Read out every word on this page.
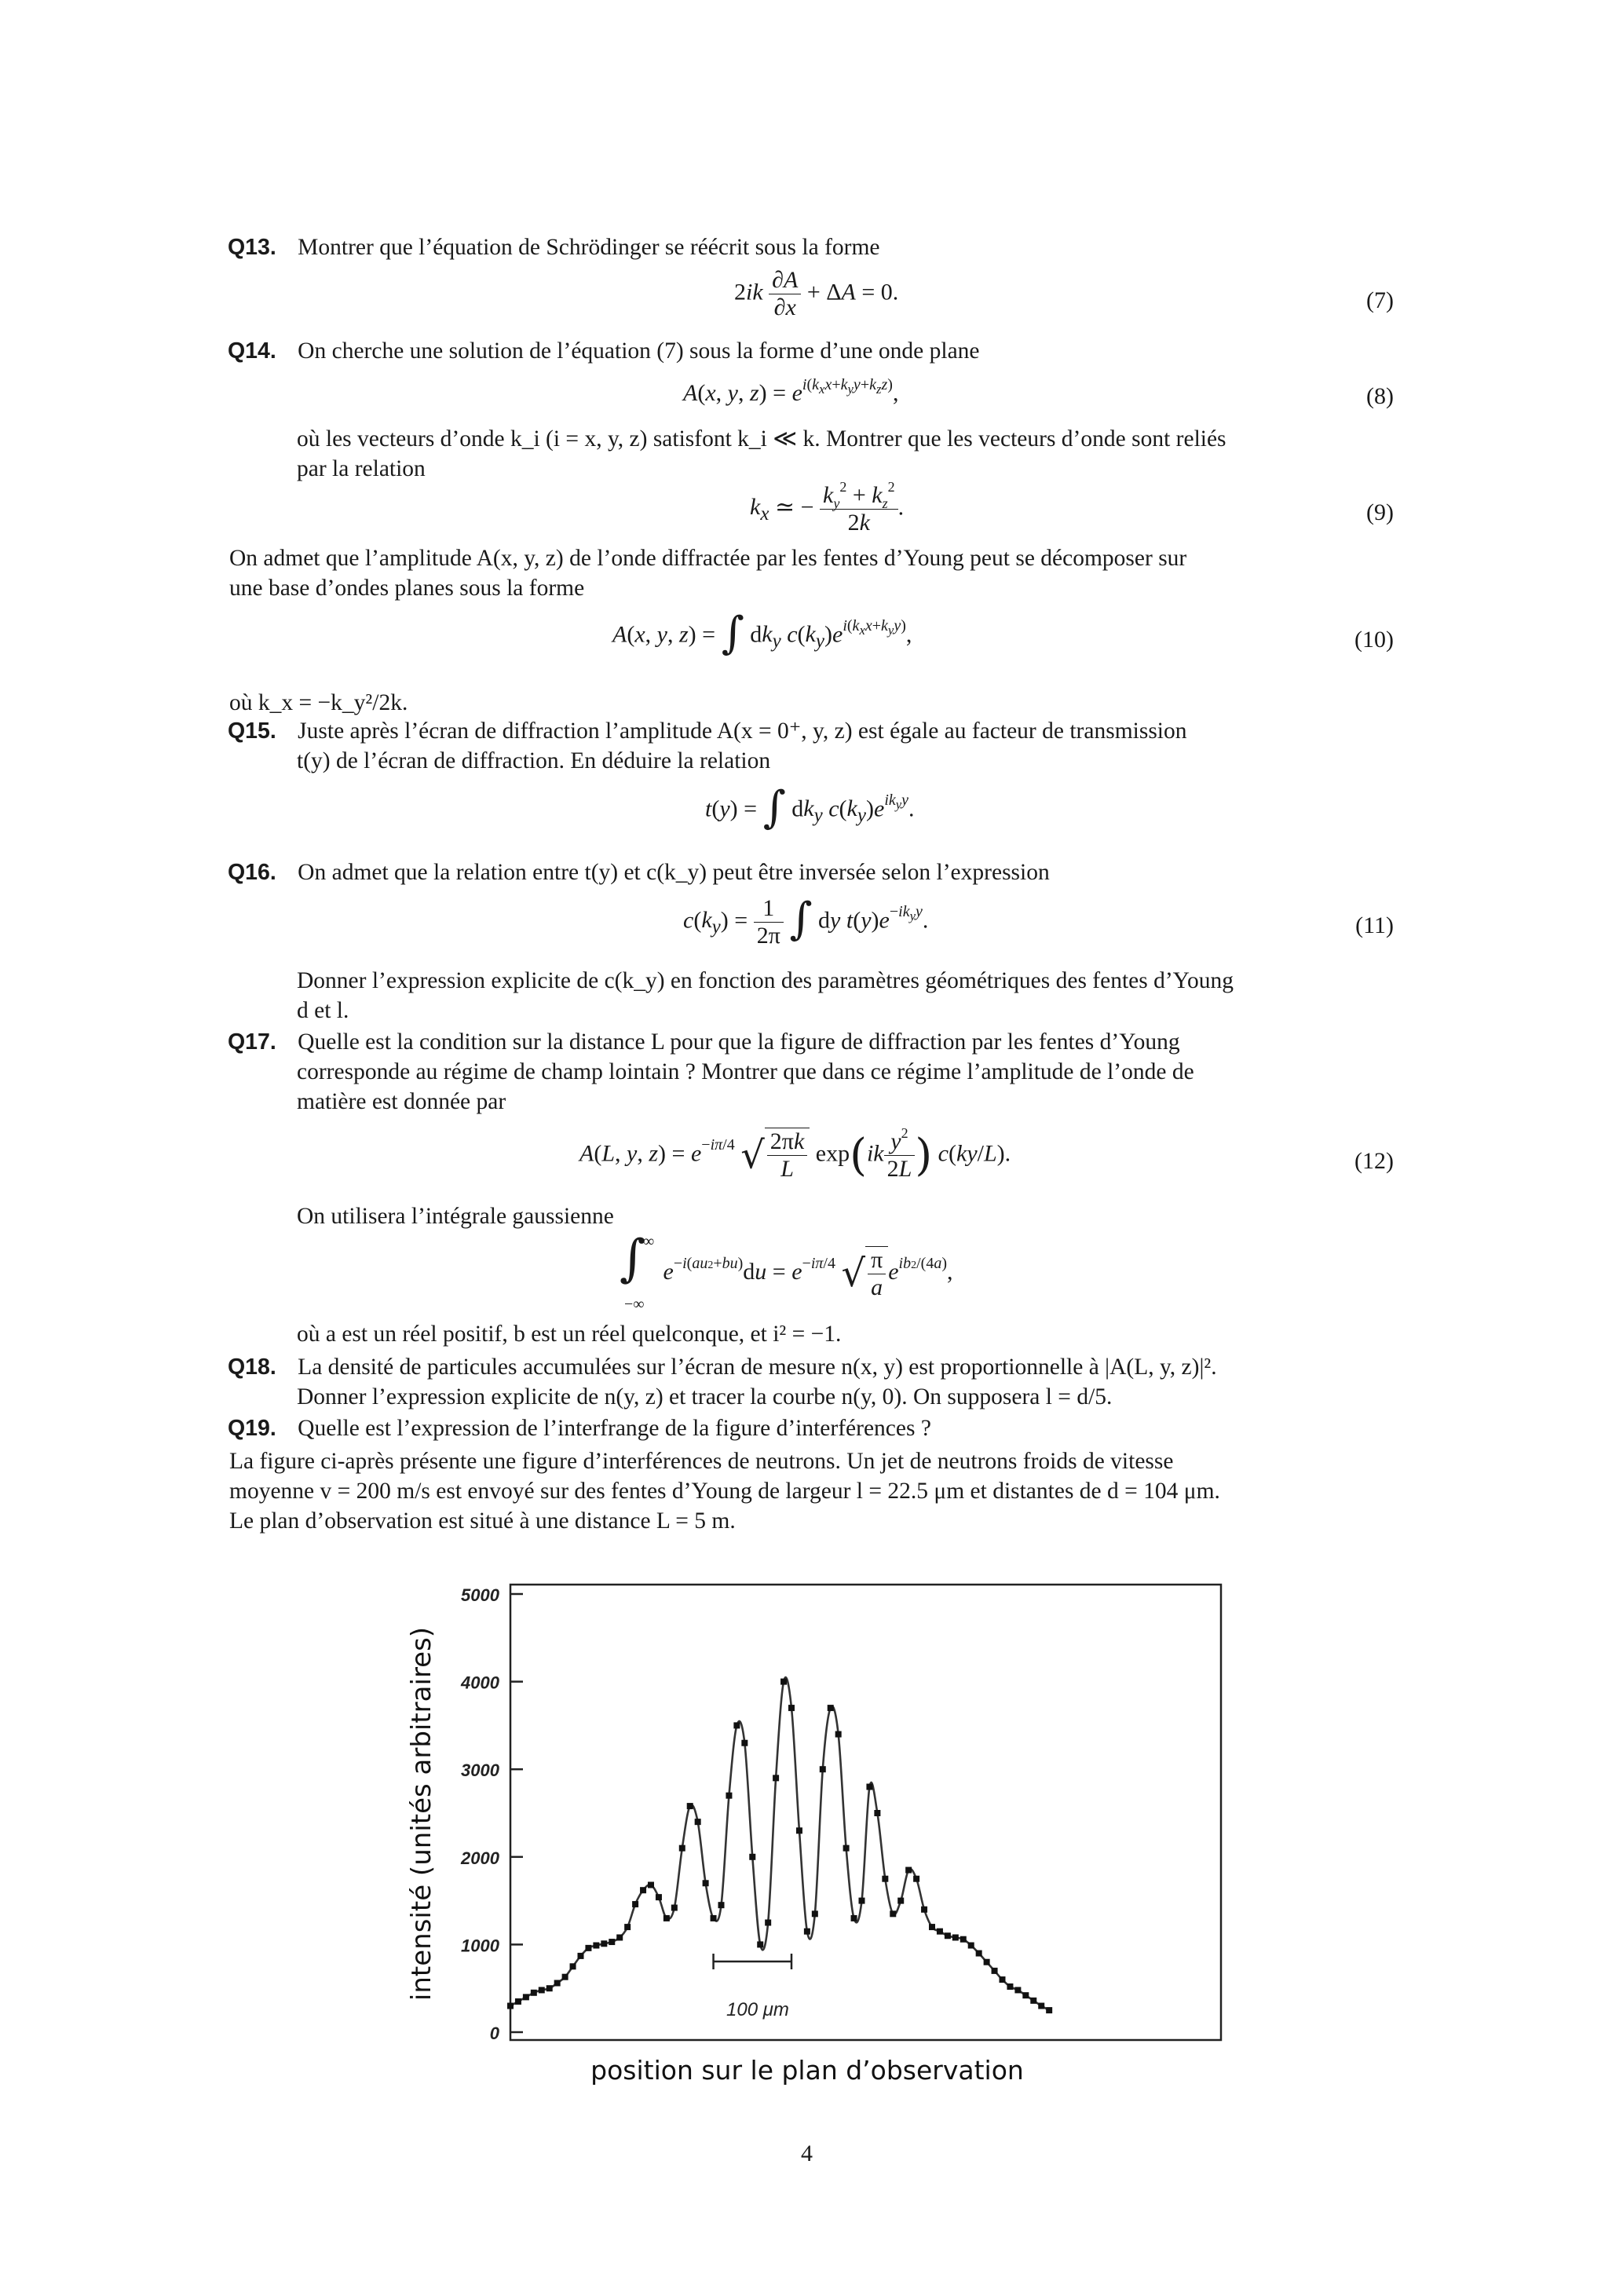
Q13. Montrer que l’équation de Schrödinger se réécrit sous la forme
$2ik \frac{\partial A}{\partial x} + \Delta A = 0$.	(7)
Q14. On cherche une solution de l’équation (7) sous la forme d’une onde plane
A(x, y, $z) = e^{i(k_xx+k_yy+k_zz)}$,	(8)
où les vecteurs d’onde k_i (i = x, y, z) satisfont k_i ≪ k. Montrer que les vecteurs d’onde sont reliés
par la relation
$k_x$ ≃ − $\frac{k_y^2 + k_z^2}{2k}$ .	(9)
On admet que l’amplitude A(x, y, z) de l’onde diffractée par les fentes d’Young peut se décomposer sur
une base d’ondes planes sous la forme
A(x, y, z) = ∫ $dk_y$ $c(k_y)e^{i(k_xx+k_yy)}$,	(10)
où k_x = −k_y²/2k.
Q15. Juste après l’écran de diffraction l’amplitude A(x = 0⁺, y, z) est égale au facteur de transmission
t(y) de l’écran de diffraction. En déduire la relation
t(y) = ∫ $dk_y$ $c(k_y)e^{ik_yy}$.
Q16. On admet que la relation entre t(y) et c(k_y) peut être inversée selon l’expression
$c(k_y) = \frac{1}{2\pi}$ ∫ dy $t(y)e^{-ik_yy}$.	(11)
Donner l’expression explicite de c(k_y) en fonction des paramètres géométriques des fentes d’Young
d et l.
Q17. Quelle est la condition sur la distance L pour que la figure de diffraction par les fentes d’Young
corresponde au régime de champ lointain ? Montrer que dans ce régime l’amplitude de l’onde de
matière est donnée par
A(L, y, $z) = e^{-i\pi/4}$ √ $\frac{2\pi k}{L} \exp(ik \frac{y^2}{2L}$ ) c(ky/L).	(12)
On utilisera l’intégrale gaussienne
∫
∞
−∞
$e^{-i(au2+bu)}du = e^{-i\pi/4}$ √ $\frac{\pi}{a} e^{ib2/(4a)}$,
où a est un réel positif, b est un réel quelconque, et i² = −1.
Q18. La densité de particules accumulées sur l’écran de mesure n(x, y) est proportionnelle à |A(L, y, z)|².
Donner l’expression explicite de n(y, z) et tracer la courbe n(y, 0). On supposera l = d/5.
Q19. Quelle est l’expression de l’interfrange de la figure d’interférences ?
La figure ci-après présente une figure d’interférences de neutrons. Un jet de neutrons froids de vitesse
moyenne v = 200 m/s est envoyé sur des fentes d’Young de largeur l = 22.5 μm et distantes de d = 104 μm.
Le plan d’observation est situé à une distance L = 5 m.
0
1000
2000
3000
4000
5000
100 μm
intensité (unités arbitraires)
position sur le plan d’observation
4
